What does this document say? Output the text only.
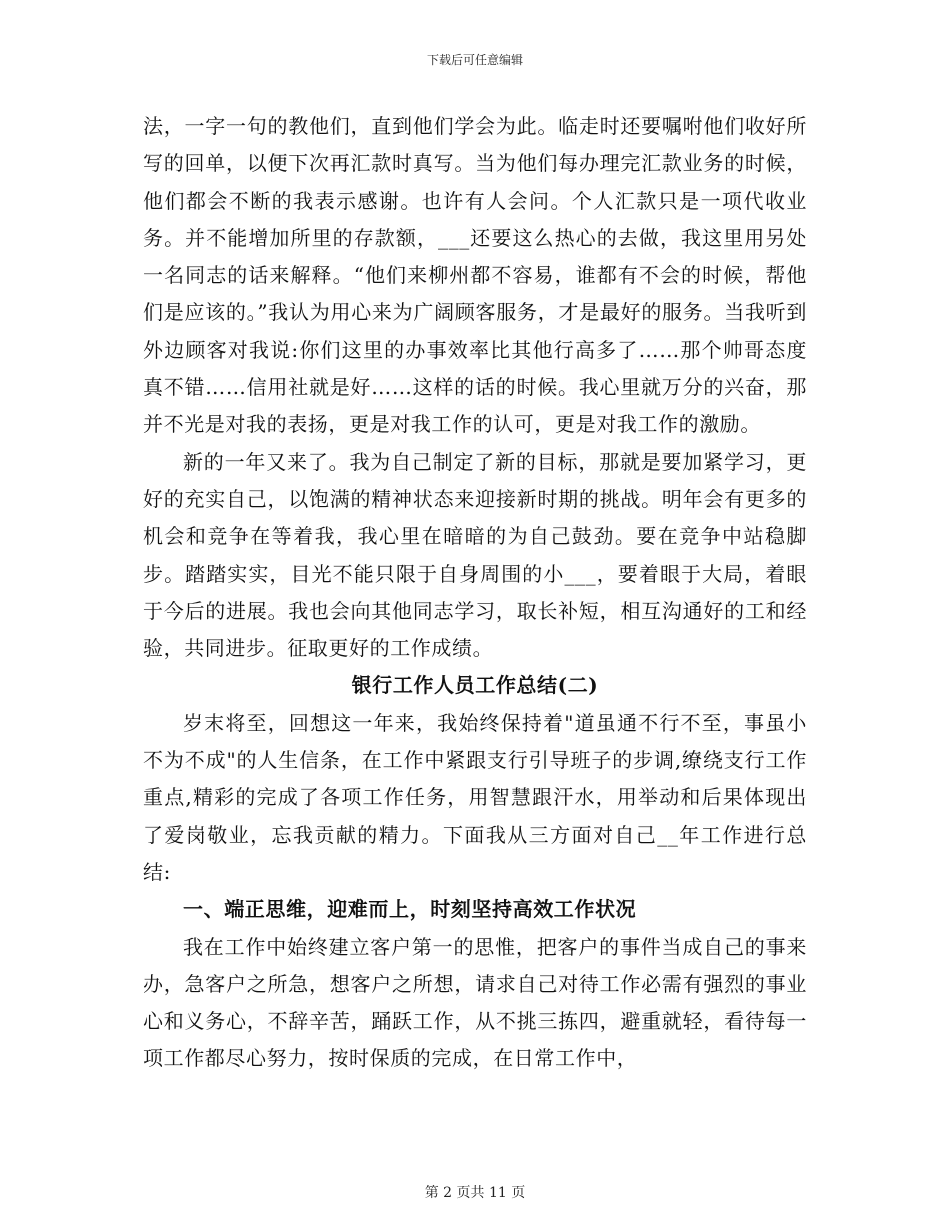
下载后可任意编辑

法，一字一句的教他们，直到他们学会为此。临走时还要嘱咐他们收好所写的回单，以便下次再汇款时真写。当为他们每办理完汇款业务的时候，他们都会不断的我表示感谢。也许有人会问。个人汇款只是一项代收业务。并不能增加所里的存款额，___还要这么热心的去做，我这里用另处一名同志的话来解释。“他们来柳州都不容易，谁都有不会的时候，帮他们是应该的。”我认为用心来为广阔顾客服务，才是最好的服务。当我听到外边顾客对我说:你们这里的办事效率比其他行高多了……那个帅哥态度真不错……信用社就是好……这样的话的时候。我心里就万分的兴奋，那并不光是对我的表扬，更是对我工作的认可，更是对我工作的激励。

新的一年又来了。我为自己制定了新的目标，那就是要加紧学习，更好的充实自己，以饱满的精神状态来迎接新时期的挑战。明年会有更多的机会和竞争在等着我，我心里在暗暗的为自己鼓劲。要在竞争中站稳脚步。踏踏实实，目光不能只限于自身周围的小___，要着眼于大局，着眼于今后的进展。我也会向其他同志学习，取长补短，相互沟通好的工和经验，共同进步。征取更好的工作成绩。

银行工作人员工作总结(二)

岁末将至，回想这一年来，我始终保持着"道虽通不行不至，事虽小不为不成"的人生信条，在工作中紧跟支行引导班子的步调,缭绕支行工作重点,精彩的完成了各项工作任务，用智慧跟汗水，用举动和后果体现出了爱岗敬业，忘我贡献的精力。下面我从三方面对自己__年工作进行总结:

一、端正思维，迎难而上，时刻坚持高效工作状况

我在工作中始终建立客户第一的思惟，把客户的事件当成自己的事来办，急客户之所急，想客户之所想，请求自己对待工作必需有强烈的事业心和义务心，不辞辛苦，踊跃工作，从不挑三拣四，避重就轻，看待每一项工作都尽心努力，按时保质的完成，在日常工作中，

第 2 页共 11 页
